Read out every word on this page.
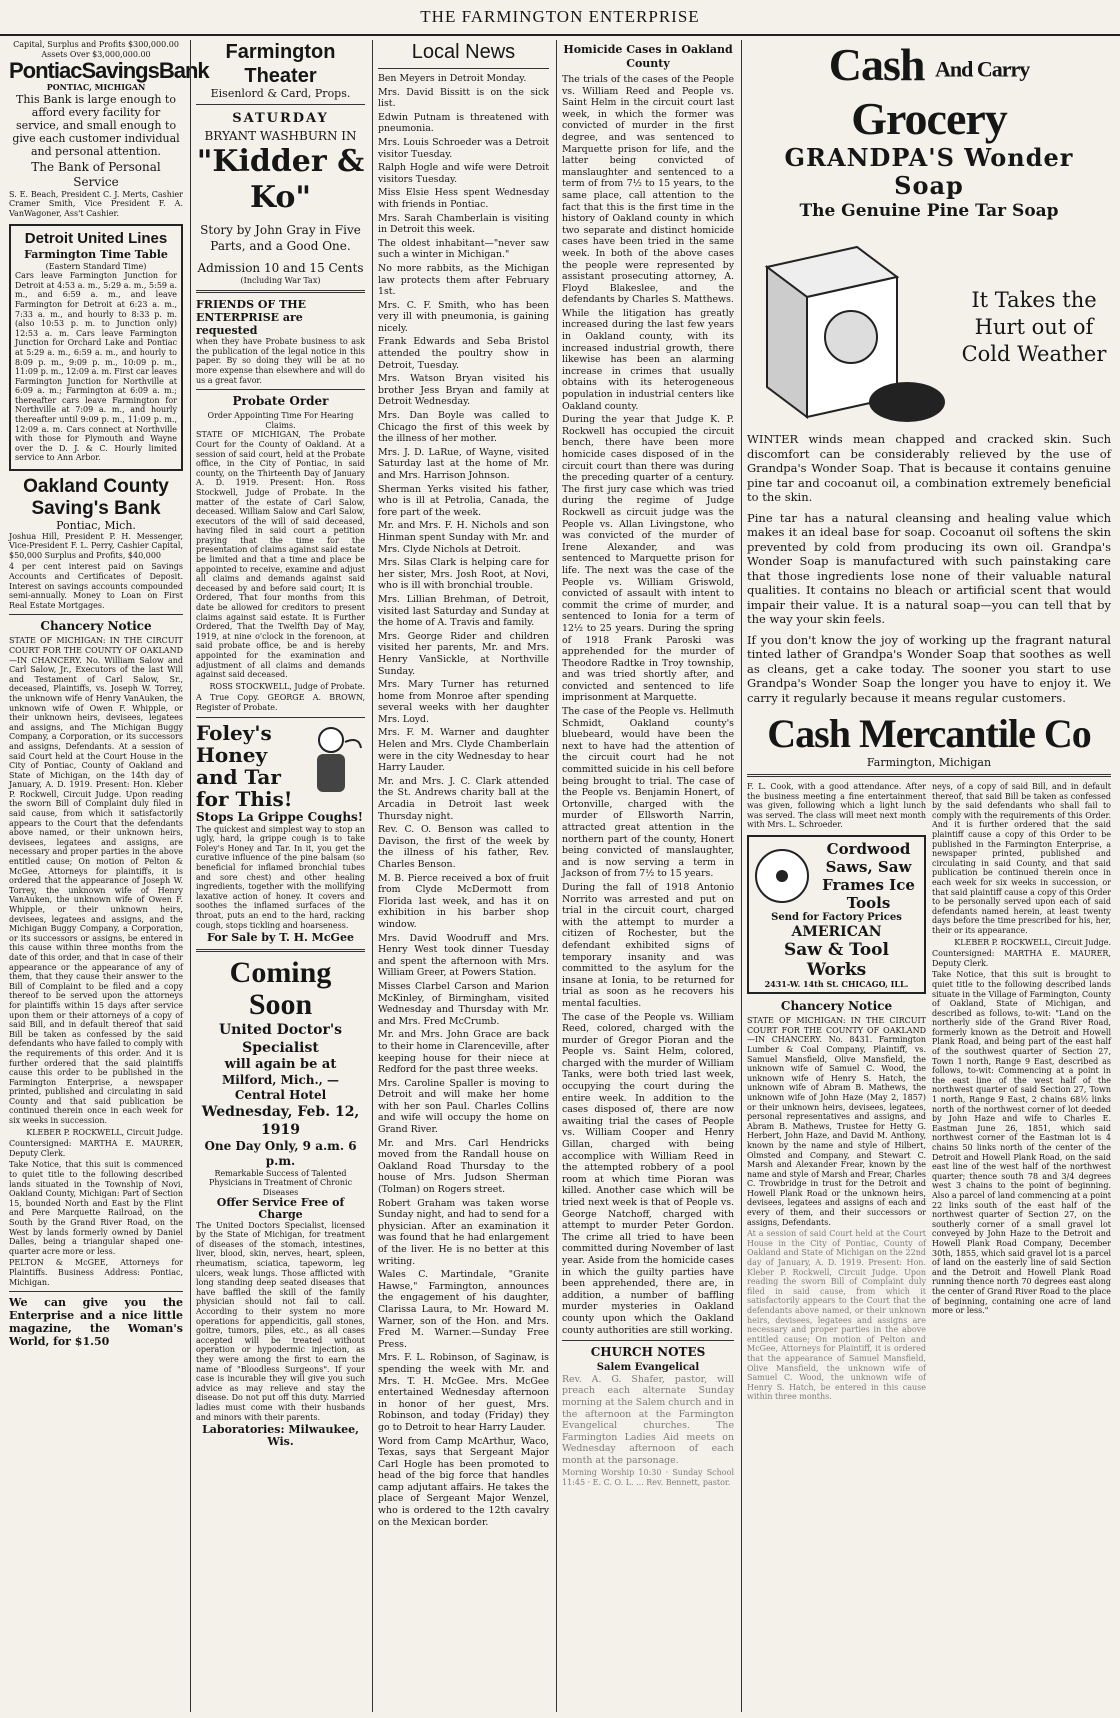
THE FARMINGTON ENTERPRISE
Capital, Surplus and Profits $300,000.00
Assets Over $3,000,000.00
PontiacSavingsBank
PONTIAC, MICHIGAN

This Bank is large enough to afford every facility for service, and small enough to give each customer individual and personal attention.

The Bank of Personal Service

S. E. Beach, President C. J. Merts, Cashier Cramer Smith, Vice President F. A. VanWagoner, Ass't Cashier.

Detroit United Lines
Farmington Time Table
(Eastern Standard Time)

Cars leave Farmington Junction for Detroit at 4:53 a. m., 5:29 a. m., 5:59 a. m., and 6:59 a. m., and leave Farmington for Detroit at 6:23 a. m., 7:33 a. m., and hourly to 8:33 p. m. (also 10:53 p. m. to Junction only) 12:53 a. m. Cars leave Farmington Junction for Orchard Lake and Pontiac at 5:29 a. m., 6:59 a. m., and hourly to 8:09 p. m., 9:09 p. m., 10:09 p. m., 11:09 p. m., 12:09 a. m. First car leaves Farmington Junction for Northville at 6:09 a. m.; Farmington at 6:09 a. m.; thereafter cars leave Farmington for Northville at 7:09 a. m., and hourly thereafter until 9:09 p. m., 11:09 p. m., 12:09 a. m. Cars connect at Northville with those for Plymouth and Wayne over the D. J. & C. Hourly limited service to Ann Arbor.

Oakland County Saving's Bank
Pontiac, Mich.

Joshua Hill, President P. H. Messenger, Vice-President F. L. Perry, Cashier Capital, $50,000 Surplus and Profits, $40,000

4 per cent interest paid on Savings Accounts and Certificates of Deposit. Interest on savings accounts compounded semi-annually. Money to Loan on First Real Estate Mortgages.

Chancery Notice

STATE OF MICHIGAN: IN THE CIRCUIT COURT FOR THE COUNTY OF OAKLAND—IN CHANCERY. No. William Salow and Carl Salow, Jr., Executors of the last Will and Testament of Carl Salow, Sr., deceased, Plaintiffs, vs. Joseph W. Torrey, the unknown wife of Henry VanAuken, the unknown wife of Owen F. Whipple, or their unknown heirs, devisees, legatees and assigns, and The Michigan Buggy Company, a Corporation, or its successors and assigns, Defendants. At a session of said Court held at the Court House in the City of Pontiac, County of Oakland and State of Michigan, on the 14th day of January, A. D. 1919. Present: Hon. Kleber P. Rockwell, Circuit Judge. Upon reading the sworn Bill of Complaint duly filed in said cause, from which it satisfactorily appears to the Court that the defendants above named, or their unknown heirs, devisees, legatees and assigns, are necessary and proper parties in the above entitled cause; On motion of Pelton & McGee, Attorneys for plaintiffs, it is ordered that the appearance of Joseph W. Torrey, the unknown wife of Henry VanAuken, the unknown wife of Owen F. Whipple, or their unknown heirs, devisees, legatees and assigns, and the Michigan Buggy Company, a Corporation, or its successors or assigns, be entered in this cause within three months from the date of this order, and that in case of their appearance or the appearance of any of them, that they cause their answer to the Bill of Complaint to be filed and a copy thereof to be served upon the attorneys for plaintiffs within 15 days after service upon them or their attorneys of a copy of said Bill, and in default thereof that said Bill be taken as confessed by the said defendants who have failed to comply with the requirements of this order. And it is further ordered that the said plaintiffs cause this order to be published in the Farmington Enterprise, a newspaper printed, published and circulating in said County and that said publication be continued therein once in each week for six weeks in succession.

KLEBER P. ROCKWELL, Circuit Judge.

Countersigned: MARTHA E. MAURER, Deputy Clerk.

Take Notice, that this suit is commenced to quiet title to the following described lands situated in the Township of Novi, Oakland County, Michigan: Part of Section 15, bounded North and East by the Flint and Pere Marquette Railroad, on the South by the Grand River Road, on the West by lands formerly owned by Daniel Dalles, being a triangular shaped one-quarter acre more or less.

PELTON & McGEE, Attorneys for Plaintiffs. Business Address: Pontiac, Michigan.

We can give you the Enterprise and a nice little magazine, the Woman's World, for $1.50

Farmington Theater
Eisenlord & Card, Props.
SATURDAY
BRYANT WASHBURN IN
"Kidder & Ko"
Story by John Gray in Five Parts, and a Good One.
Admission 10 and 15 Cents
(Including War Tax)
FRIENDS OF THE ENTERPRISE are requested

when they have Probate business to ask the publication of the legal notice in this paper. By so doing they will be at no more expense than elsewhere and will do us a great favor.

Probate Order
Order Appointing Time For Hearing Claims.

STATE OF MICHIGAN, The Probate Court for the County of Oakland. At a session of said court, held at the Probate office, in the City of Pontiac, in said county, on the Thirteenth Day of January A. D. 1919. Present: Hon. Ross Stockwell, Judge of Probate. In the matter of the estate of Carl Salow, deceased. William Salow and Carl Salow, executors of the will of said deceased, having filed in said court a petition praying that the time for the presentation of claims against said estate be limited and that a time and place be appointed to receive, examine and adjust all claims and demands against said deceased by and before said court; It is Ordered, That four months from this date be allowed for creditors to present claims against said estate. It is Further Ordered, That the Twelfth Day of May, 1919, at nine o'clock in the forenoon, at said probate office, be and is hereby appointed for the examination and adjustment of all claims and demands against said deceased.

ROSS STOCKWELL, Judge of Probate.

A True Copy. GEORGE A. BROWN, Register of Probate.

Foley's Honey and Tar for This!
Stops La Grippe Coughs!

The quickest and simplest way to stop an ugly, hard, la grippe cough is to take Foley's Honey and Tar. In it, you get the curative influence of the pine balsam (so beneficial for inflamed bronchial tubes and sore chest) and other healing ingredients, together with the mollifying laxative action of honey. It covers and soothes the inflamed surfaces of the throat, puts an end to the hard, racking cough, stops tickling and hoarseness.

For Sale by T. H. McGee
Coming Soon
United Doctor's Specialist
will again be at
Milford, Mich., — Central Hotel
Wednesday, Feb. 12, 1919
One Day Only, 9 a.m. 6 p.m.
Remarkable Success of Talented Physicians in Treatment of Chronic Diseases
Offer Service Free of Charge

The United Doctors Specialist, licensed by the State of Michigan, for treatment of diseases of the stomach, intestines, liver, blood, skin, nerves, heart, spleen, rheumatism, sciatica, tapeworm, leg ulcers, weak lungs. Those afflicted with long standing deep seated diseases that have baffled the skill of the family physician should not fail to call. According to their system no more operations for appendicitis, gall stones, goitre, tumors, piles, etc., as all cases accepted will be treated without operation or hypodermic injection, as they were among the first to earn the name of "Bloodless Surgeons". If your case is incurable they will give you such advice as may relieve and stay the disease. Do not put off this duty. Married ladies must come with their husbands and minors with their parents.

Laboratories: Milwaukee, Wis.
Local News

Ben Meyers in Detroit Monday.

Mrs. David Bissitt is on the sick list.

Edwin Putnam is threatened with pneumonia.

Mrs. Louis Schroeder was a Detroit visitor Tuesday.

Ralph Hogle and wife were Detroit visitors Tuesday.

Miss Elsie Hess spent Wednesday with friends in Pontiac.

Mrs. Sarah Chamberlain is visiting in Detroit this week.

The oldest inhabitant—"never saw such a winter in Michigan."

No more rabbits, as the Michigan law protects them after February 1st.

Mrs. C. F. Smith, who has been very ill with pneumonia, is gaining nicely.

Frank Edwards and Seba Bristol attended the poultry show in Detroit, Tuesday.

Mrs. Watson Bryan visited his brother Jess Bryan and family at Detroit Wednesday.

Mrs. Dan Boyle was called to Chicago the first of this week by the illness of her mother.

Mrs. J. D. LaRue, of Wayne, visited Saturday last at the home of Mr. and Mrs. Harrison Johnson.

Sherman Yerks visited his father, who is ill at Petrolia, Canada, the fore part of the week.

Mr. and Mrs. F. H. Nichols and son Hinman spent Sunday with Mr. and Mrs. Clyde Nichols at Detroit.

Mrs. Silas Clark is helping care for her sister, Mrs. Josh Root, at Novi, who is ill with bronchial trouble.

Mrs. Lillian Brehman, of Detroit, visited last Saturday and Sunday at the home of A. Travis and family.

Mrs. George Rider and children visited her parents, Mr. and Mrs. Henry VanSickle, at Northville Sunday.

Mrs. Mary Turner has returned home from Monroe after spending several weeks with her daughter Mrs. Loyd.

Mrs. F. M. Warner and daughter Helen and Mrs. Clyde Chamberlain were in the city Wednesday to hear Harry Lauder.

Mr. and Mrs. J. C. Clark attended the St. Andrews charity ball at the Arcadia in Detroit last week Thursday night.

Rev. C. O. Benson was called to Davison, the first of the week by the illness of his father, Rev. Charles Benson.

M. B. Pierce received a box of fruit from Clyde McDermott from Florida last week, and has it on exhibition in his barber shop window.

Mrs. David Woodruff and Mrs. Henry West took dinner Tuesday and spent the afternoon with Mrs. William Greer, at Powers Station.

Misses Clarbel Carson and Marion McKinley, of Birmingham, visited Wednesday and Thursday with Mr. and Mrs. Fred McCrumb.

Mr. and Mrs. John Grace are back to their home in Clarenceville, after keeping house for their niece at Redford for the past three weeks.

Mrs. Caroline Spaller is moving to Detroit and will make her home with her son Paul. Charles Collins and wife will occupy the home on Grand River.

Mr. and Mrs. Carl Hendricks moved from the Randall house on Oakland Road Thursday to the house of Mrs. Judson Sherman (Tolman) on Rogers street.

Robert Graham was taken worse Sunday night, and had to send for a physician. After an examination it was found that he had enlargement of the liver. He is no better at this writing.

Wales C. Martindale, "Granite Hawse," Farmington, announces the engagement of his daughter, Clarissa Laura, to Mr. Howard M. Warner, son of the Hon. and Mrs. Fred M. Warner.—Sunday Free Press.

Mrs. F. L. Robinson, of Saginaw, is spending the week with Mr. and Mrs. T. H. McGee. Mrs. McGee entertained Wednesday afternoon in honor of her guest, Mrs. Robinson, and today (Friday) they go to Detroit to hear Harry Lauder.

Word from Camp McArthur, Waco, Texas, says that Sergeant Major Carl Hogle has been promoted to head of the big force that handles camp adjutant affairs. He takes the place of Sergeant Major Wenzel, who is ordered to the 12th cavalry on the Mexican border.

Homicide Cases in Oakland County

The trials of the cases of the People vs. William Reed and People vs. Saint Helm in the circuit court last week, in which the former was convicted of murder in the first degree, and was sentenced to Marquette prison for life, and the latter being convicted of manslaughter and sentenced to a term of from 7½ to 15 years, to the same place, call attention to the fact that this is the first time in the history of Oakland county in which two separate and distinct homicide cases have been tried in the same week. In both of the above cases the people were represented by assistant prosecuting attorney, A. Floyd Blakeslee, and the defendants by Charles S. Matthews.

While the litigation has greatly increased during the last few years in Oakland county, with its increased industrial growth, there likewise has been an alarming increase in crimes that usually obtains with its heterogeneous population in industrial centers like Oakland county.

During the year that Judge K. P. Rockwell has occupied the circuit bench, there have been more homicide cases disposed of in the circuit court than there was during the preceding quarter of a century. The first jury case which was tried during the regime of Judge Rockwell as circuit judge was the People vs. Allan Livingstone, who was convicted of the murder of Irene Alexander, and was sentenced to Marquette prison for life. The next was the case of the People vs. William Griswold, convicted of assault with intent to commit the crime of murder, and sentenced to Ionia for a term of 12½ to 25 years. During the spring of 1918 Frank Paroski was apprehended for the murder of Theodore Radtke in Troy township, and was tried shortly after, and convicted and sentenced to life imprisonment at Marquette.

The case of the People vs. Hellmuth Schmidt, Oakland county's bluebeard, would have been the next to have had the attention of the circuit court had he not committed suicide in his cell before being brought to trial. The case of the People vs. Benjamin Honert, of Ortonville, charged with the murder of Ellsworth Narrin, attracted great attention in the northern part of the county, Honert being convicted of manslaughter, and is now serving a term in Jackson of from 7½ to 15 years.

During the fall of 1918 Antonio Norrito was arrested and put on trial in the circuit court, charged with the attempt to murder a citizen of Rochester, but the defendant exhibited signs of temporary insanity and was committed to the asylum for the insane at Ionia, to be returned for trial as soon as he recovers his mental faculties.

The case of the People vs. William Reed, colored, charged with the murder of Gregor Pioran and the People vs. Saint Helm, colored, charged with the murder of William Tanks, were both tried last week, occupying the court during the entire week. In addition to the cases disposed of, there are now awaiting trial the cases of People vs. William Cooper and Henry Gillan, charged with being accomplice with William Reed in the attempted robbery of a pool room at which time Pioran was killed. Another case which will be tried next week is that of People vs. George Natchoff, charged with attempt to murder Peter Gordon. The crime all tried to have been committed during November of last year. Aside from the homicide cases in which the guilty parties have been apprehended, there are, in addition, a number of baffling murder mysteries in Oakland county upon which the Oakland county authorities are still working.

CHURCH NOTES
Salem Evangelical

Rev. A. G. Shafer, pastor, will preach each alternate Sunday morning at the Salem church and in the afternoon at the Farmington Evangelical churches. The Farmington Ladies Aid meets on Wednesday afternoon of each month at the parsonage.

Morning Worship 10:30 · Sunday School 11:45 · E. C. O. L. ... Rev. Bennett, pastor.

Cash And Carry Grocery
GRANDPA'S Wonder Soap
The Genuine Pine Tar Soap
It Takes the Hurt out of Cold Weather

WINTER winds mean chapped and cracked skin. Such discomfort can be considerably relieved by the use of Grandpa's Wonder Soap. That is because it contains genuine pine tar and cocoanut oil, a combination extremely beneficial to the skin.

Pine tar has a natural cleansing and healing value which makes it an ideal base for soap. Cocoanut oil softens the skin prevented by cold from producing its own oil. Grandpa's Wonder Soap is manufactured with such painstaking care that those ingredients lose none of their valuable natural qualities. It contains no bleach or artificial scent that would impair their value. It is a natural soap—you can tell that by the way your skin feels.

If you don't know the joy of working up the fragrant natural tinted lather of Grandpa's Wonder Soap that soothes as well as cleans, get a cake today. The sooner you start to use Grandpa's Wonder Soap the longer you have to enjoy it. We carry it regularly because it means regular customers.

Cash Mercantile Co
Farmington, Michigan

F. L. Cook, with a good attendance. After the business meeting a fine entertainment was given, following which a light lunch was served. The class will meet next month with Mrs. L. Schroeder.

Cordwood Saws, Saw Frames Ice Tools
Send for Factory Prices
AMERICAN
Saw & Tool Works
2431-W. 14th St. CHICAGO, ILL.
Chancery Notice

STATE OF MICHIGAN: IN THE CIRCUIT COURT FOR THE COUNTY OF OAKLAND—IN CHANCERY. No. 8431. Farmington Lumber & Coal Company, Plaintiff, vs. Samuel Mansfield, Olive Mansfield, the unknown wife of Samuel C. Wood, the unknown wife of Henry S. Hatch, the unknown wife of Abram B. Mathews, the unknown wife of John Haze (May 2, 1857) or their unknown heirs, devisees, legatees, personal representatives and assigns, and Abram B. Mathews, Trustee for Hetty G. Herbert, John Haze, and David M. Anthony, known by the name and style of Hilbert, Olmsted and Company, and Stewart C. Marsh and Alexander Frear, known by the name and style of Marsh and Frear, Charles C. Trowbridge in trust for the Detroit and Howell Plank Road or the unknown heirs, devisees, legatees and assigns of each and every of them, and their successors or assigns, Defendants.

At a session of said Court held at the Court House in the City of Pontiac, County of Oakland and State of Michigan on the 22nd day of January, A. D. 1919. Present: Hon. Kleber P. Rockwell, Circuit Judge. Upon reading the sworn Bill of Complaint duly filed in said cause, from which it satisfactorily appears to the Court that the defendants above named, or their unknown heirs, devisees, legatees and assigns are necessary and proper parties in the above entitled cause; On motion of Pelton and McGee, Attorneys for Plaintiff, it is ordered that the appearance of Samuel Mansfield, Olive Mansfield, the unknown wife of Samuel C. Wood, the unknown wife of Henry S. Hatch, be entered in this cause within three months.

neys, of a copy of said Bill, and in default thereof, that said Bill be taken as confessed by the said defendants who shall fail to comply with the requirements of this Order. And it is further ordered that the said plaintiff cause a copy of this Order to be published in the Farmington Enterprise, a newspaper printed, published and circulating in said County, and that said publication be continued therein once in each week for six weeks in succession, or that said plaintiff cause a copy of this Order to be personally served upon each of said defendants named herein, at least twenty days before the time prescribed for his, her, their or its appearance.

KLEBER P. ROCKWELL, Circuit Judge.

Countersigned: MARTHA E. MAURER, Deputy Clerk.

Take Notice, that this suit is brought to quiet title to the following described lands situate in the Village of Farmington, County of Oakland, State of Michigan, and described as follows, to-wit: "Land on the northerly side of the Grand River Road, formerly known as the Detroit and Howell Plank Road, and being part of the east half of the southwest quarter of Section 27, Town 1 north, Range 9 East, described as follows, to-wit: Commencing at a point in the east line of the west half of the northwest quarter of said Section 27, Town 1 north, Range 9 East, 2 chains 68½ links north of the northwest corner of lot deeded by John Haze and wife to Charles E. Eastman June 26, 1851, which said northwest corner of the Eastman lot is 4 chains 50 links north of the center of the Detroit and Howell Plank Road, on the said east line of the west half of the northwest quarter; thence south 78 and 3/4 degrees west 3 chains to the point of beginning. Also a parcel of land commencing at a point 22 links south of the east half of the northwest quarter of Section 27, on the southerly corner of a small gravel lot conveyed by John Haze to the Detroit and Howell Plank Road Company, December 30th, 1855, which said gravel lot is a parcel of land on the easterly line of said Section and the Detroit and Howell Plank Road running thence north 70 degrees east along the center of Grand River Road to the place of beginning, containing one acre of land more or less."
